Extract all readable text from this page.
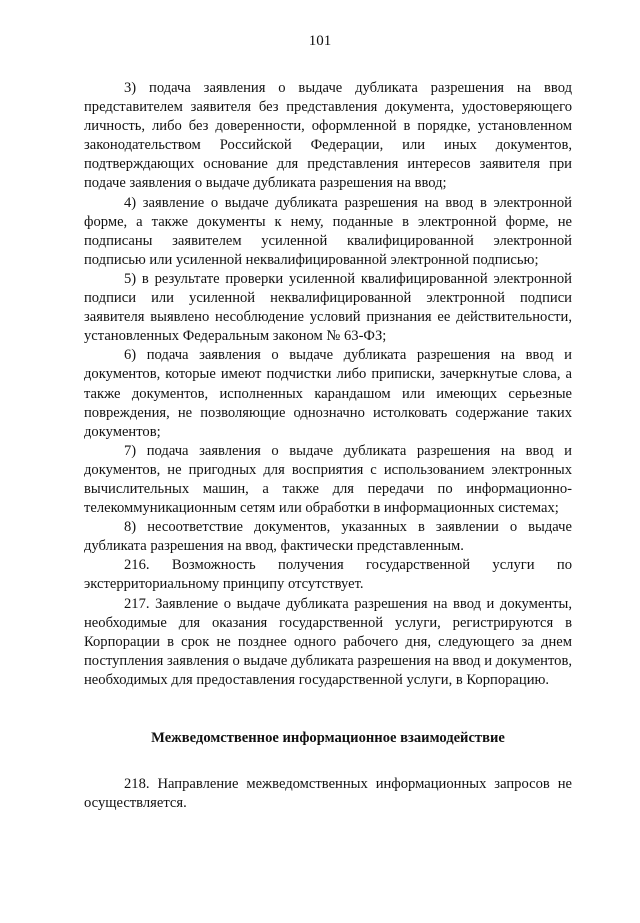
101

3) подача заявления о выдаче дубликата разрешения на ввод представителем заявителя без представления документа, удостоверяющего личность, либо без доверенности, оформленной в порядке, установленном законодательством Российской Федерации, или иных документов, подтверждающих основание для представления интересов заявителя при подаче заявления о выдаче дубликата разрешения на ввод;

4) заявление о выдаче дубликата разрешения на ввод в электронной форме, а также документы к нему, поданные в электронной форме, не подписаны заявителем усиленной квалифицированной электронной подписью или усиленной неквалифицированной электронной подписью;

5) в результате проверки усиленной квалифицированной электронной подписи или усиленной неквалифицированной электронной подписи заявителя выявлено несоблюдение условий признания ее действительности, установленных Федеральным законом № 63-ФЗ;

6) подача заявления о выдаче дубликата разрешения на ввод и документов, которые имеют подчистки либо приписки, зачеркнутые слова, а также документов, исполненных карандашом или имеющих серьезные повреждения, не позволяющие однозначно истолковать содержание таких документов;

7) подача заявления о выдаче дубликата разрешения на ввод и документов, не пригодных для восприятия с использованием электронных вычислительных машин, а также для передачи по информационно-телекоммуникационным сетям или обработки в информационных системах;

8) несоответствие документов, указанных в заявлении о выдаче дубликата разрешения на ввод, фактически представленным.

216. Возможность получения государственной услуги по экстерриториальному принципу отсутствует.

217. Заявление о выдаче дубликата разрешения на ввод и документы, необходимые для оказания государственной услуги, регистрируются в Корпорации в срок не позднее одного рабочего дня, следующего за днем поступления заявления о выдаче дубликата разрешения на ввод и документов, необходимых для предоставления государственной услуги, в Корпорацию.

Межведомственное информационное взаимодействие

218. Направление межведомственных информационных запросов не осуществляется.
